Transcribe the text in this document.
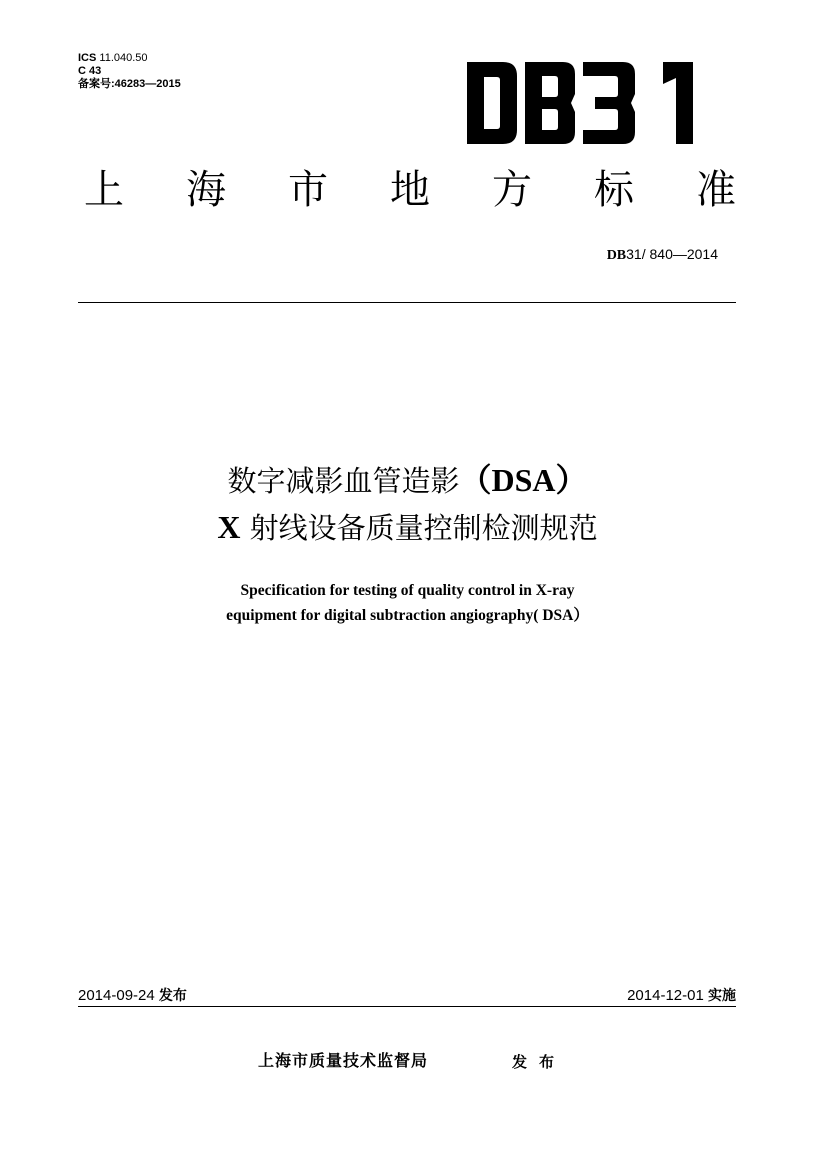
ICS 11.040.50
C 43
备案号:46283—2015
上 海 市 地 方 标 准
DB31/ 840—2014
数字减影血管造影（DSA）
X 射线设备质量控制检测规范
Specification for testing of quality control in X-ray
equipment for digital subtraction angiography( DSA）
2014-09-24 发布	2014-12-01 实施
上海市质量技术监督局	发布
